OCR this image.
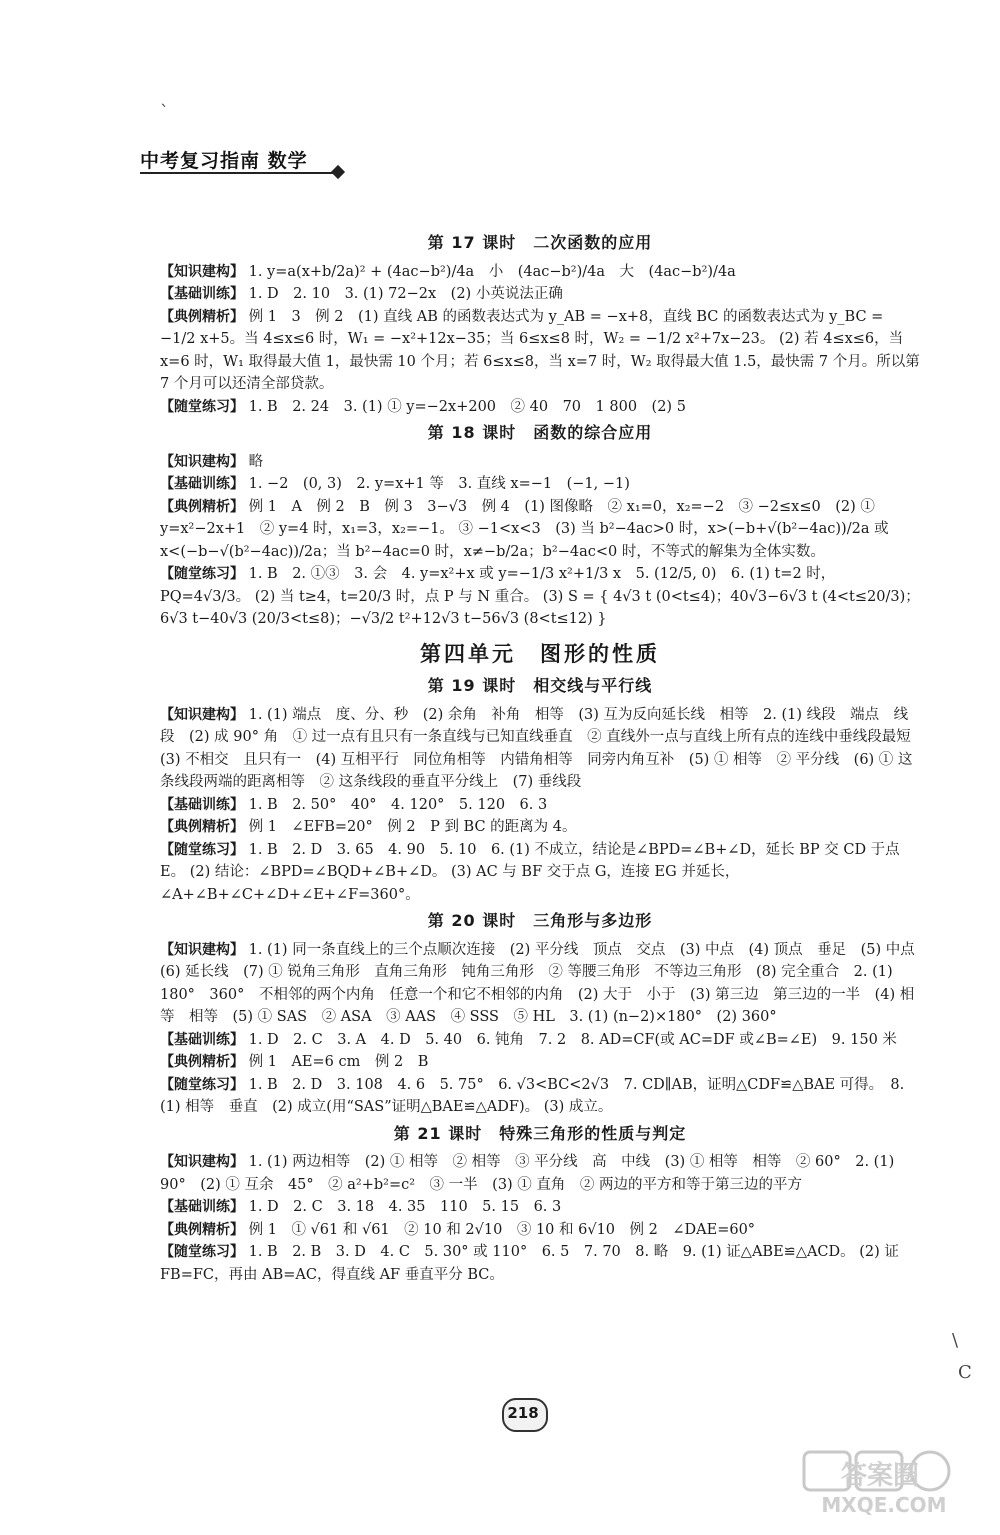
中考复习指南 数学
`
\
C
第 17 课时　二次函数的应用

【知识建构】 1. y=a(x+b/2a)² + (4ac−b²)/4a　小　(4ac−b²)/4a　大　(4ac−b²)/4a

【基础训练】 1. D　2. 10　3. (1) 72−2x　(2) 小英说法正确

【典例精析】 例 1　3　例 2　(1) 直线 AB 的函数表达式为 y_AB = −x+8，直线 BC 的函数表达式为 y_BC = −1/2 x+5。当 4≤x≤6 时，W₁ = −x²+12x−35；当 6≤x≤8 时，W₂ = −1/2 x²+7x−23。 (2) 若 4≤x≤6，当 x=6 时，W₁ 取得最大值 1，最快需 10 个月；若 6≤x≤8，当 x=7 时，W₂ 取得最大值 1.5，最快需 7 个月。所以第 7 个月可以还清全部贷款。

【随堂练习】 1. B　2. 24　3. (1) ① y=−2x+200　② 40　70　1 800　(2) 5

第 18 课时　函数的综合应用

【知识建构】 略

【基础训练】 1. −2　(0, 3)　2. y=x+1 等　3. 直线 x=−1　(−1, −1)

【典例精析】 例 1　A　例 2　B　例 3　3−√3　例 4　(1) 图像略　② x₁=0，x₂=−2　③ −2≤x≤0　(2) ① y=x²−2x+1　② y=4 时，x₁=3，x₂=−1。 ③ −1<x<3　(3) 当 b²−4ac>0 时，x>(−b+√(b²−4ac))/2a 或 x<(−b−√(b²−4ac))/2a；当 b²−4ac=0 时，x≠−b/2a；b²−4ac<0 时，不等式的解集为全体实数。

【随堂练习】 1. B　2. ①③　3. 会　4. y=x²+x 或 y=−1/3 x²+1/3 x　5. (12/5, 0)　6. (1) t=2 时，PQ=4√3/3。 (2) 当 t≥4，t=20/3 时，点 P 与 N 重合。 (3) S = { 4√3 t (0<t≤4)；40√3−6√3 t (4<t≤20/3)；6√3 t−40√3 (20/3<t≤8)；−√3/2 t²+12√3 t−56√3 (8<t≤12) }

第四单元　图形的性质
第 19 课时　相交线与平行线

【知识建构】 1. (1) 端点　度、分、秒　(2) 余角　补角　相等　(3) 互为反向延长线　相等　2. (1) 线段　端点　线段　(2) 成 90° 角　① 过一点有且只有一条直线与已知直线垂直　② 直线外一点与直线上所有点的连线中垂线段最短　(3) 不相交　且只有一　(4) 互相平行　同位角相等　内错角相等　同旁内角互补　(5) ① 相等　② 平分线　(6) ① 这条线段两端的距离相等　② 这条线段的垂直平分线上　(7) 垂线段

【基础训练】 1. B　2. 50°　40°　4. 120°　5. 120　6. 3

【典例精析】 例 1　∠EFB=20°　例 2　P 到 BC 的距离为 4。

【随堂练习】 1. B　2. D　3. 65　4. 90　5. 10　6. (1) 不成立，结论是∠BPD=∠B+∠D，延长 BP 交 CD 于点 E。 (2) 结论：∠BPD=∠BQD+∠B+∠D。 (3) AC 与 BF 交于点 G，连接 EG 并延长，∠A+∠B+∠C+∠D+∠E+∠F=360°。

第 20 课时　三角形与多边形

【知识建构】 1. (1) 同一条直线上的三个点顺次连接　(2) 平分线　顶点　交点　(3) 中点　(4) 顶点　垂足　(5) 中点　(6) 延长线　(7) ① 锐角三角形　直角三角形　钝角三角形　② 等腰三角形　不等边三角形　(8) 完全重合　2. (1) 180°　360°　不相邻的两个内角　任意一个和它不相邻的内角　(2) 大于　小于　(3) 第三边　第三边的一半　(4) 相等　相等　(5) ① SAS　② ASA　③ AAS　④ SSS　⑤ HL　3. (1) (n−2)×180°　(2) 360°

【基础训练】 1. D　2. C　3. A　4. D　5. 40　6. 钝角　7. 2　8. AD=CF(或 AC=DF 或∠B=∠E)　9. 150 米

【典例精析】 例 1　AE=6 cm　例 2　B

【随堂练习】 1. B　2. D　3. 108　4. 6　5. 75°　6. √3<BC<2√3　7. CD∥AB，证明△CDF≌△BAE 可得。　8. (1) 相等　垂直　(2) 成立(用“SAS”证明△BAE≌△ADF)。 (3) 成立。

第 21 课时　特殊三角形的性质与判定

【知识建构】 1. (1) 两边相等　(2) ① 相等　② 相等　③ 平分线　高　中线　(3) ① 相等　相等　② 60°　2. (1) 90°　(2) ① 互余　45°　② a²+b²=c²　③ 一半　(3) ① 直角　② 两边的平方和等于第三边的平方

【基础训练】 1. D　2. C　3. 18　4. 35　110　5. 15　6. 3

【典例精析】 例 1　① √61 和 √61　② 10 和 2√10　③ 10 和 6√10　例 2　∠DAE=60°

【随堂练习】 1. B　2. B　3. D　4. C　5. 30° 或 110°　6. 5　7. 70　8. 略　9. (1) 证△ABE≌△ACD。 (2) 证 FB=FC，再由 AB=AC，得直线 AF 垂直平分 BC。

218
答案圈
MXQE.COM
